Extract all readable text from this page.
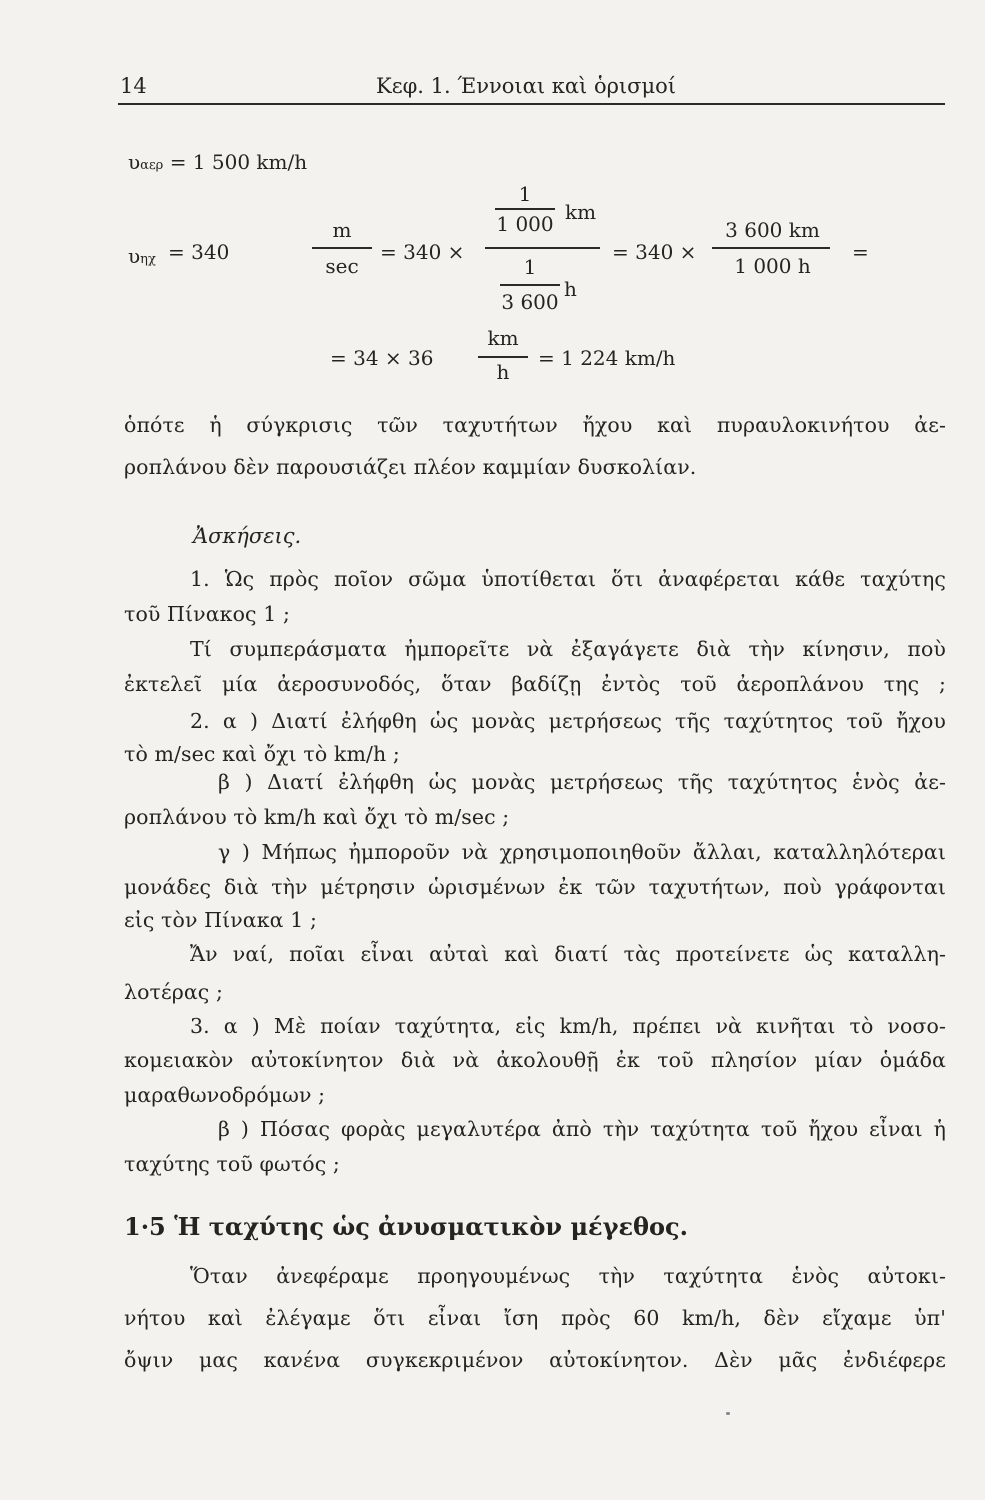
14	Κεφ. 1. Έννοιαι καὶ ὁρισμοί
υαερ = 1 500 km/h
υηχ = 340
m
sec
= 340 ×
1
1 000 km
1
3 600
h
= 340 ×
3 600 km
1 000 h
=
= 34 × 36
km
h
= 1 224 km/h
ὁπότε ἡ σύγκρισις τῶν ταχυτήτων ἤχου καὶ πυραυλοκινήτου ἀε-
ροπλάνου δὲν παρουσιάζει πλέον καμμίαν δυσκολίαν.
Ἀσκήσεις.
1. Ὡς πρὸς ποῖον σῶμα ὑποτίθεται ὅτι ἀναφέρεται κάθε ταχύτης
τοῦ Πίνακος 1 ;
Τί συμπεράσματα ἠμπορεῖτε νὰ ἐξαγάγετε διὰ τὴν κίνησιν, ποὺ
ἐκτελεῖ μία ἀεροσυνοδός, ὅταν βαδίζῃ ἐντὸς τοῦ ἀεροπλάνου της ;
2. α ) Διατί ἐλήφθη ὡς μονὰς μετρήσεως τῆς ταχύτητος τοῦ ἤχου
τὸ m/sec καὶ ὄχι τὸ km/h ;
β ) Διατί ἐλήφθη ὡς μονὰς μετρήσεως τῆς ταχύτητος ἑνὸς ἀε-
ροπλάνου τὸ km/h καὶ ὄχι τὸ m/sec ;
γ ) Μήπως ἠμποροῦν νὰ χρησιμοποιηθοῦν ἄλλαι, καταλληλότεραι
μονάδες διὰ τὴν μέτρησιν ὡρισμένων ἐκ τῶν ταχυτήτων, ποὺ γράφονται
εἰς τὸν Πίνακα 1 ;
Ἄν ναί, ποῖαι εἶναι αὐταὶ καὶ διατί τὰς προτείνετε ὡς καταλλη-
λοτέρας ;
3. α ) Μὲ ποίαν ταχύτητα, εἰς km/h, πρέπει νὰ κινῆται τὸ νοσο-
κομειακὸν αὐτοκίνητον διὰ νὰ ἀκολουθῇ ἐκ τοῦ πλησίον μίαν ὁμάδα
μαραθωνοδρόμων ;
β ) Πόσας φορὰς μεγαλυτέρα ἀπὸ τὴν ταχύτητα τοῦ ἤχου εἶναι ἡ
ταχύτης τοῦ φωτός ;
1·5 Ἡ ταχύτης ὡς ἀνυσματικὸν μέγεθος.
Ὅταν ἀνεφέραμε προηγουμένως τὴν ταχύτητα ἑνὸς αὐτοκι-
νήτου καὶ ἐλέγαμε ὅτι εἶναι ἴση πρὸς 60 km/h, δὲν εἴχαμε ὑπ'
ὄψιν μας κανένα συγκεκριμένον αὐτοκίνητον. Δὲν μᾶς ἐνδιέφερε
